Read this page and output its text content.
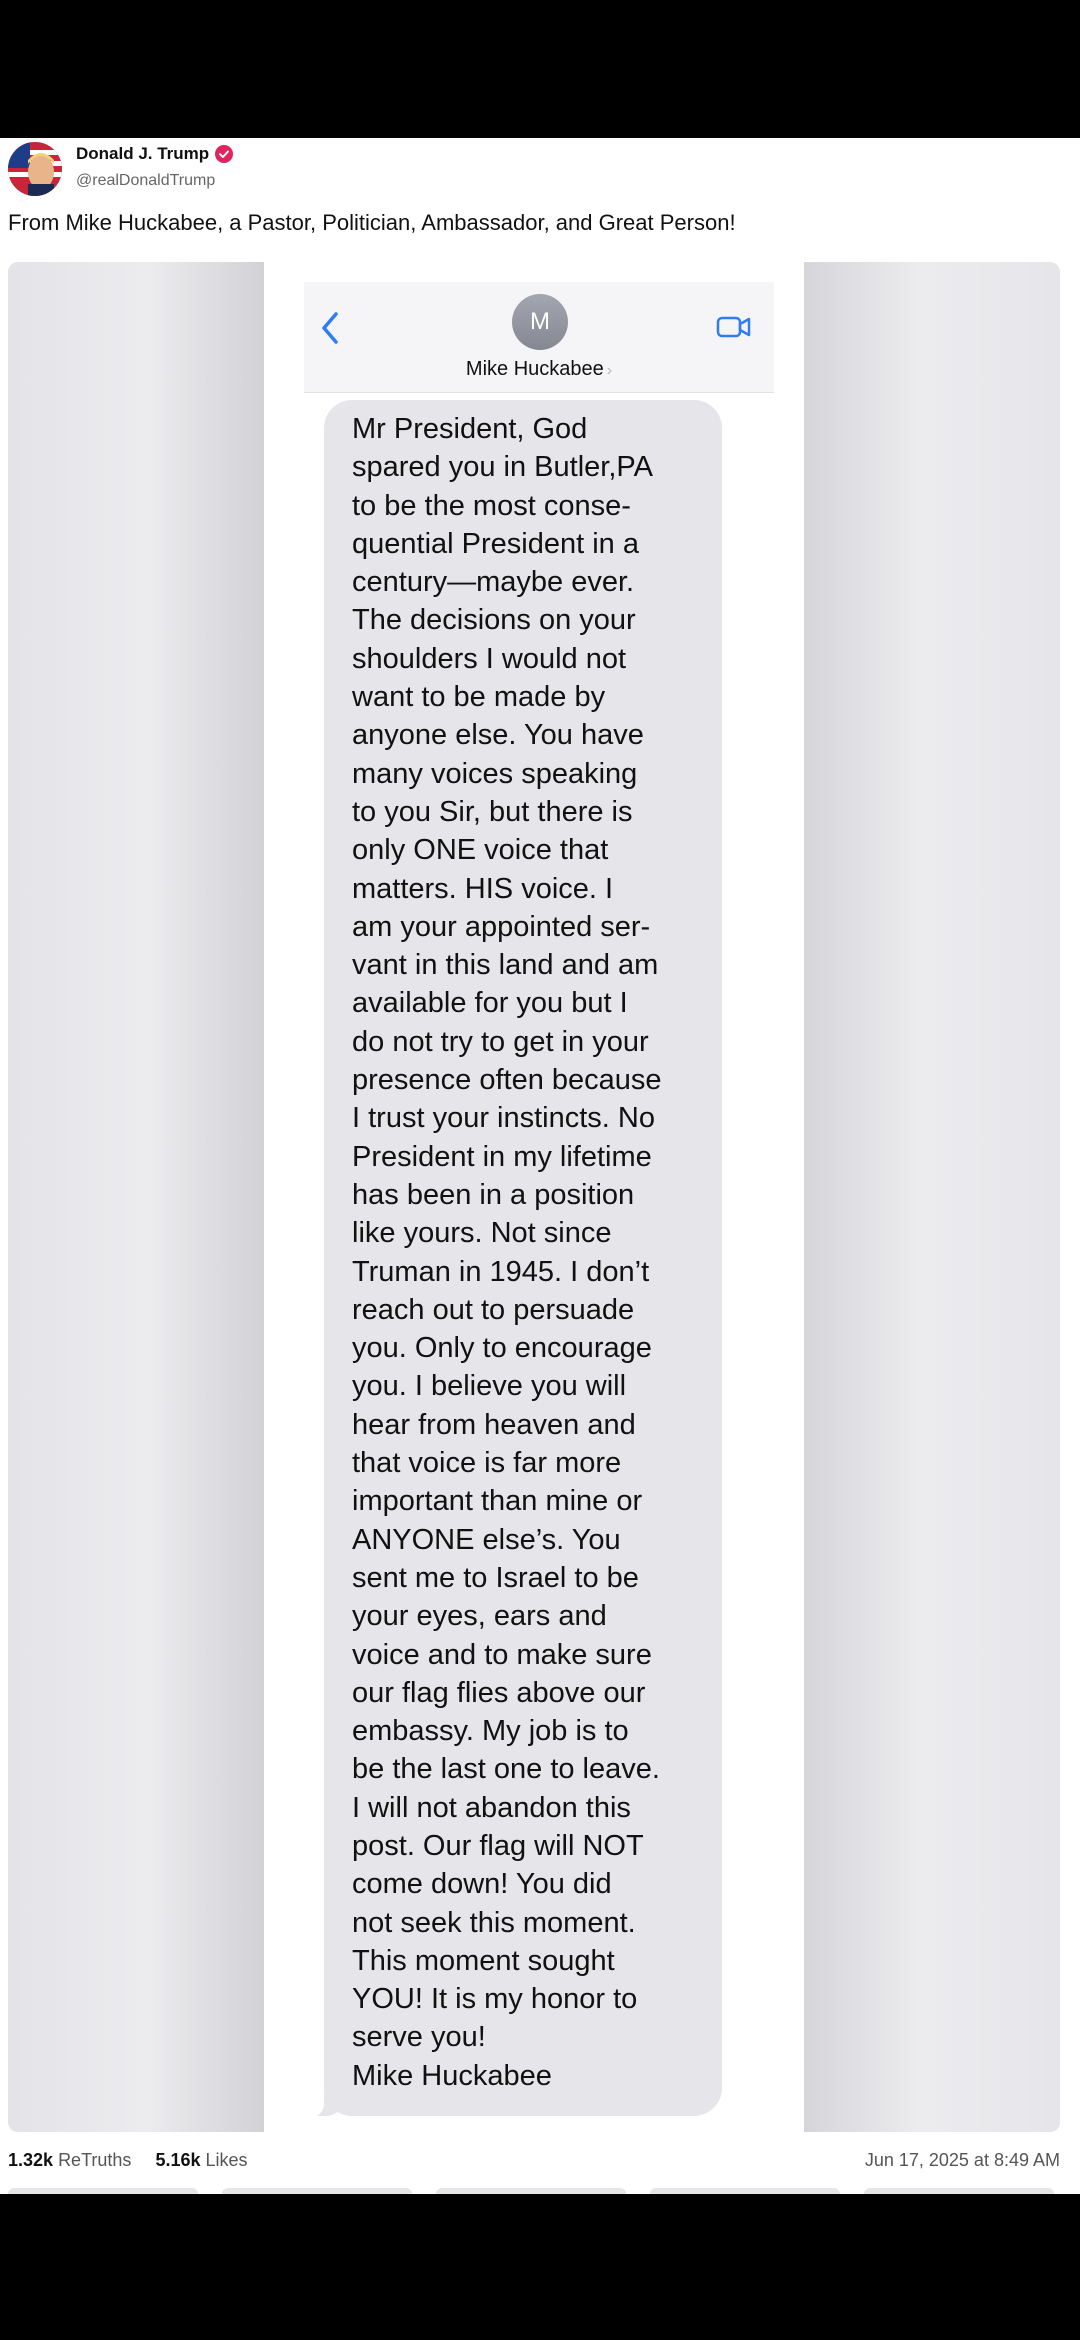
Donald J. Trump
@realDonaldTrump
From Mike Huckabee, a Pastor, Politician, Ambassador, and Great Person!
M
Mike Huckabee ›
Mr President, God
spared you in Butler,PA
to be the most conse-
quential President in a
century—maybe ever.
The decisions on your
shoulders I would not
want to be made by
anyone else. You have
many voices speaking
to you Sir, but there is
only ONE voice that
matters. HIS voice. I
am your appointed ser-
vant in this land and am
available for you but I
do not try to get in your
presence often because
I trust your instincts. No
President in my lifetime
has been in a position
like yours. Not since
Truman in 1945. I don’t
reach out to persuade
you. Only to encourage
you. I believe you will
hear from heaven and
that voice is far more
important than mine or
ANYONE else’s. You
sent me to Israel to be
your eyes, ears and
voice and to make sure
our flag flies above our
embassy. My job is to
be the last one to leave.
I will not abandon this
post. Our flag will NOT
come down! You did
not seek this moment.
This moment sought
YOU! It is my honor to
serve you!
Mike Huckabee
1.32k ReTruths 5.16k Likes	Jun 17, 2025 at 8:49 AM
